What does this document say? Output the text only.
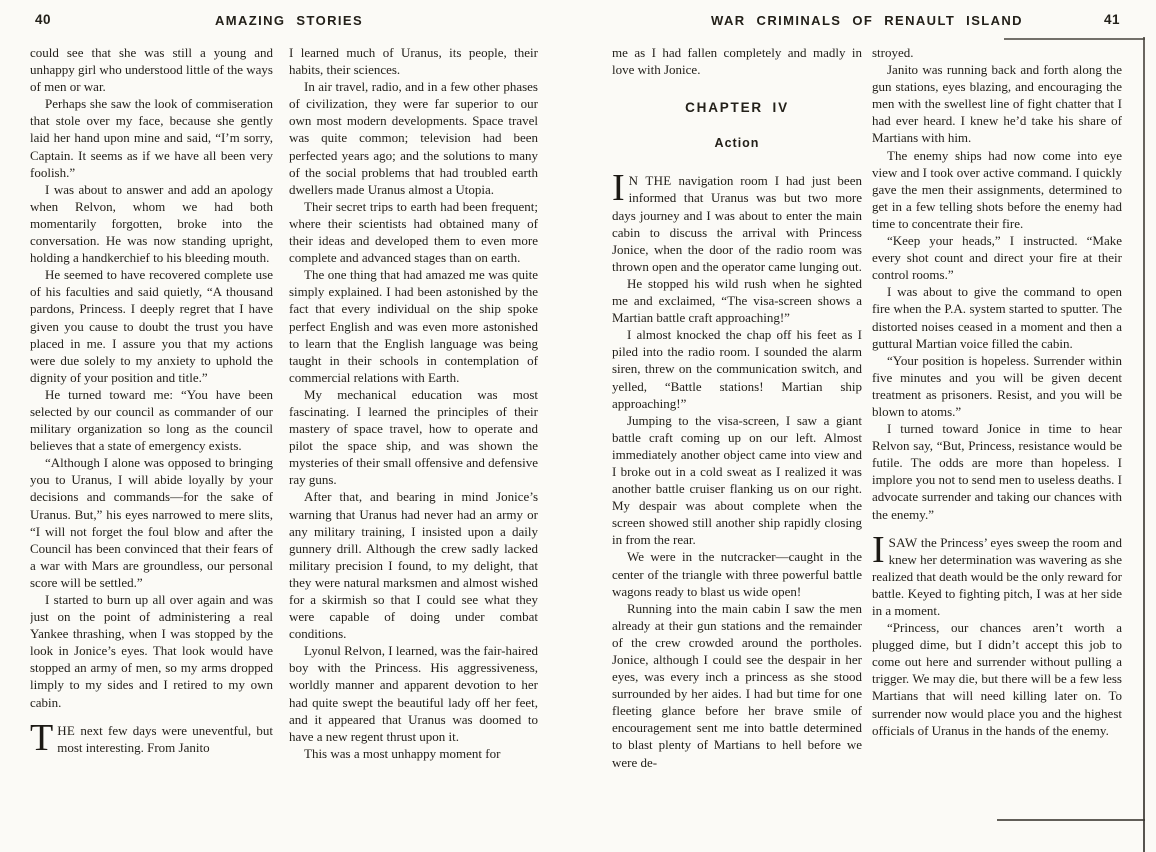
40	AMAZING STORIES

could see that she was still a young and unhappy girl who understood little of the ways of men or war.

Perhaps she saw the look of commiseration that stole over my face, because she gently laid her hand upon mine and said, “I’m sorry, Captain. It seems as if we have all been very foolish.”

I was about to answer and add an apology when Relvon, whom we had both momentarily forgotten, broke into the conversation. He was now standing upright, holding a handkerchief to his bleeding mouth.

He seemed to have recovered complete use of his faculties and said quietly, “A thousand pardons, Princess. I deeply regret that I have given you cause to doubt the trust you have placed in me. I assure you that my actions were due solely to my anxiety to uphold the dignity of your position and title.”

He turned toward me: “You have been selected by our council as commander of our military organization so long as the council believes that a state of emergency exists.

“Although I alone was opposed to bringing you to Uranus, I will abide loyally by your decisions and commands—for the sake of Uranus. But,” his eyes narrowed to mere slits, “I will not forget the foul blow and after the Council has been convinced that their fears of a war with Mars are groundless, our personal score will be settled.”

I started to burn up all over again and was just on the point of administering a real Yankee thrashing, when I was stopped by the look in Jonice’s eyes. That look would have stopped an army of men, so my arms dropped limply to my sides and I retired to my own cabin.

THE next few days were uneventful, but most interesting. From Janito

I learned much of Uranus, its people, their habits, their sciences.

In air travel, radio, and in a few other phases of civilization, they were far superior to our own most modern developments. Space travel was quite common; television had been perfected years ago; and the solutions to many of the social problems that had troubled earth dwellers made Uranus almost a Utopia.

Their secret trips to earth had been frequent; where their scientists had obtained many of their ideas and developed them to even more complete and advanced stages than on earth.

The one thing that had amazed me was quite simply explained. I had been astonished by the fact that every individual on the ship spoke perfect English and was even more astonished to learn that the English language was being taught in their schools in contemplation of commercial relations with Earth.

My mechanical education was most fascinating. I learned the principles of their mastery of space travel, how to operate and pilot the space ship, and was shown the mysteries of their small offensive and defensive ray guns.

After that, and bearing in mind Jonice’s warning that Uranus had never had an army or any military training, I insisted upon a daily gunnery drill. Although the crew sadly lacked military precision I found, to my delight, that they were natural marksmen and almost wished for a skirmish so that I could see what they were capable of doing under combat conditions.

Lyonul Relvon, I learned, was the fair-haired boy with the Princess. His aggressiveness, worldly manner and apparent devotion to her had quite swept the beautiful lady off her feet, and it appeared that Uranus was doomed to have a new regent thrust upon it.

This was a most unhappy moment for

WAR CRIMINALS OF RENAULT ISLAND	41

me as I had fallen completely and madly in love with Jonice.

CHAPTER IV
Action

I N THE navigation room I had just been informed that Uranus was but two more days journey and I was about to enter the main cabin to discuss the arrival with Princess Jonice, when the door of the radio room was thrown open and the operator came lunging out.

He stopped his wild rush when he sighted me and exclaimed, “The visa-screen shows a Martian battle craft approaching!”

I almost knocked the chap off his feet as I piled into the radio room. I sounded the alarm siren, threw on the communication switch, and yelled, “Battle stations! Martian ship approaching!”

Jumping to the visa-screen, I saw a giant battle craft coming up on our left. Almost immediately another object came into view and I broke out in a cold sweat as I realized it was another battle cruiser flanking us on our right. My despair was about complete when the screen showed still another ship rapidly closing in from the rear.

We were in the nutcracker—caught in the center of the triangle with three powerful battle wagons ready to blast us wide open!

Running into the main cabin I saw the men already at their gun stations and the remainder of the crew crowded around the portholes. Jonice, although I could see the despair in her eyes, was every inch a princess as she stood surrounded by her aides. I had but time for one fleeting glance before her brave smile of encouragement sent me into battle determined to blast plenty of Martians to hell before we were de-

stroyed.

Janito was running back and forth along the gun stations, eyes blazing, and encouraging the men with the swellest line of fight chatter that I had ever heard. I knew he’d take his share of Martians with him.

The enemy ships had now come into eye view and I took over active command. I quickly gave the men their assignments, determined to get in a few telling shots before the enemy had time to concentrate their fire.

“Keep your heads,” I instructed. “Make every shot count and direct your fire at their control rooms.”

I was about to give the command to open fire when the P.A. system started to sputter. The distorted noises ceased in a moment and then a guttural Martian voice filled the cabin.

“Your position is hopeless. Surrender within five minutes and you will be given decent treatment as prisoners. Resist, and you will be blown to atoms.”

I turned toward Jonice in time to hear Relvon say, “But, Princess, resistance would be futile. The odds are more than hopeless. I implore you not to send men to useless deaths. I advocate surrender and taking our chances with the enemy.”

I SAW the Princess’ eyes sweep the room and knew her determination was wavering as she realized that death would be the only reward for battle. Keyed to fighting pitch, I was at her side in a moment.

“Princess, our chances aren’t worth a plugged dime, but I didn’t accept this job to come out here and surrender without pulling a trigger. We may die, but there will be a few less Martians that will need killing later on. To surrender now would place you and the highest officials of Uranus in the hands of the enemy.
